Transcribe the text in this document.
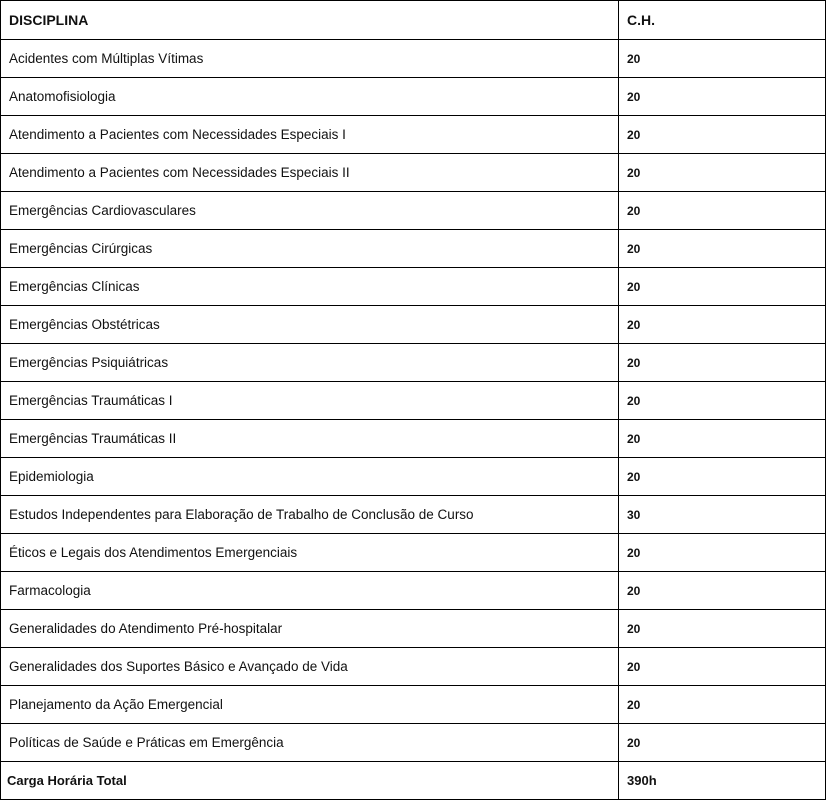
DISCIPLINA	C.H.
Acidentes com Múltiplas Vítimas	20
Anatomofisiologia	20
Atendimento a Pacientes com Necessidades Especiais I	20
Atendimento a Pacientes com Necessidades Especiais II	20
Emergências Cardiovasculares	20
Emergências Cirúrgicas	20
Emergências Clínicas	20
Emergências Obstétricas	20
Emergências Psiquiátricas	20
Emergências Traumáticas I	20
Emergências Traumáticas II	20
Epidemiologia	20
Estudos Independentes para Elaboração de Trabalho de Conclusão de Curso	30
Éticos e Legais dos Atendimentos Emergenciais	20
Farmacologia	20
Generalidades do Atendimento Pré-hospitalar	20
Generalidades dos Suportes Básico e Avançado de Vida	20
Planejamento da Ação Emergencial	20
Políticas de Saúde e Práticas em Emergência	20
Carga Horária Total	390h
